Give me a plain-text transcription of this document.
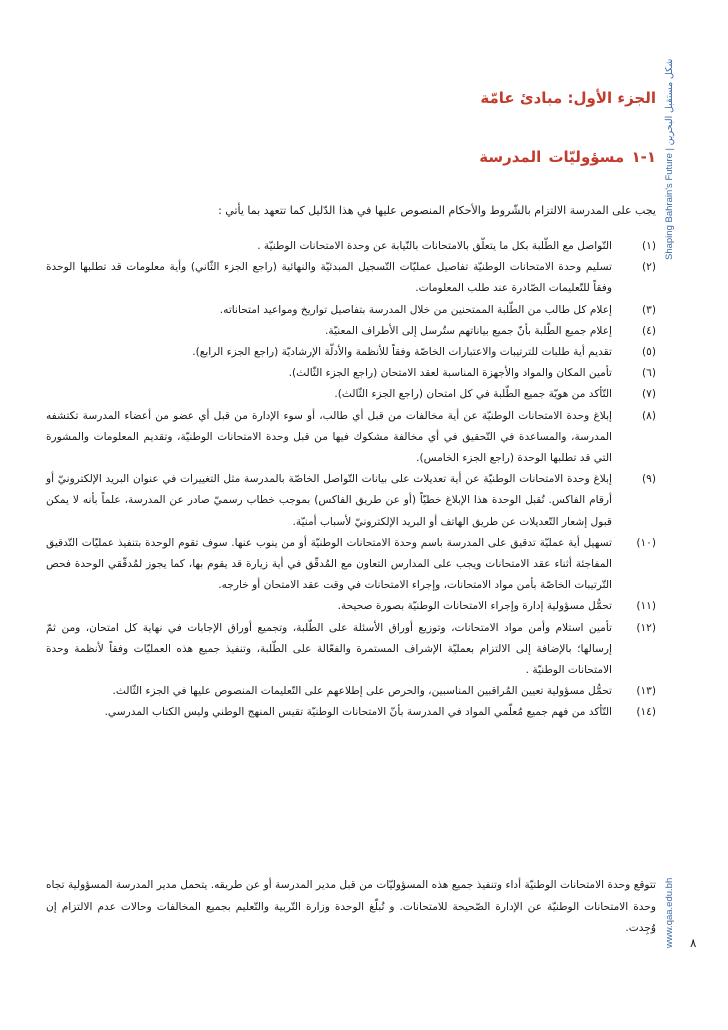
Shaping Bahrain's Future | شكل مستقبل البحرين
www.qaa.edu.bh
الجزء الأول: مبادئ عامّة
١-١ مسؤوليّات المدرسة

يجب على المدرسة الالتزام بالشّروط والأحكام المنصوص عليها في هذا الدّليل كما تتعهد بما يأتي :

(١)
التّواصل مع الطّلبة بكل ما يتعلّق بالامتحانات بالنّيابة عن وحدة الامتحانات الوطنيّة .
(٢)
تسليم وحدة الامتحانات الوطنيّة تفاصيل عمليّات التّسجيل المبدئيّة والنهائية (راجع الجزء الثّاني) وأية معلومات قد تطلبها الوحدة وفقاً للتّعليمات الصّادرة عند طلب المعلومات.
(٣)
إعلام كل طالب من الطّلبة الممتحنين من خلال المدرسة بتفاصيل تواريخ ومواعيد امتحاناته.
(٤)
إعلام جميع الطّلبة بأنّ جميع بياناتهم ستُرسل إلى الأطراف المعنيّة.
(٥)
تقديم أية طلبات للترتيبات والاعتبارات الخاصّة وفقاً للأنظمة والأدلّة الإرشاديّة (راجع الجزء الرابع).
(٦)
تأمين المكان والمواد والأجهزة المناسبة لعقد الامتحان (راجع الجزء الثّالث).
(٧)
التّأكد من هويّة جميع الطّلبة في كل امتحان (راجع الجزء الثّالث).
(٨)
إبلاغ وحدة الامتحانات الوطنيّة عن أية مخالفات من قبل أي طالب، أو سوء الإدارة من قبل أي عضو من أعضاء المدرسة تكتشفه المدرسة، والمساعدة في التّحقيق في أي مخالفة مشكوك فيها من قبل وحدة الامتحانات الوطنيّة، وتقديم المعلومات والمشورة التي قد تطلبها الوحدة (راجع الجزء الخامس).
(٩)
إبلاغ وحدة الامتحانات الوطنيّة عن أية تعديلات على بيانات التّواصل الخاصّة بالمدرسة مثل التغييرات في عنوان البريد الإلكترونيّ أو أرقام الفاكس. تُقبل الوحدة هذا الإبلاغ خطيّاً (أو عن طريق الفاكس) بموجب خطاب رسميّ صادر عن المدرسة، علماً بأنه لا يمكن قبول إشعار التّعديلات عن طريق الهاتف أو البريد الإلكترونيّ لأسباب أمنيّة.
(١٠)
تسهيل أية عمليّة تدقيق على المدرسة باسم وحدة الامتحانات الوطنيّة أو من ينوب عنها. سوف تقوم الوحدة بتنفيذ عمليّات التّدقيق المفاجئة أثناء عقد الامتحانات ويجب على المدارس التعاون مع المُدقّق في أية زيارة قد يقوم بها، كما يجوز لمُدقّقي الوحدة فحص التّرتيبات الخاصّة بأمن مواد الامتحانات، وإجراء الامتحانات في وقت عقد الامتحان أو خارجه.
(١١)
تحمُّل مسؤولية إدارة وإجراء الامتحانات الوطنيّة بصورة صحيحة.
(١٢)
تأمين استلام وأمن مواد الامتحانات، وتوزيع أوراق الأسئلة على الطّلبة، وتجميع أوراق الإجابات في نهاية كل امتحان، ومن ثمّ إرسالها؛ بالإضافة إلى الالتزام بعمليّة الإشراف المستمرة والفعّالة على الطّلبة، وتنفيذ جميع هذه العمليّات وفقاً لأنظمة وحدة الامتحانات الوطنيّة .
(١٣)
تحمُّل مسؤولية تعيين المُراقبين المناسبين، والحرص على إطلاعهم على التّعليمات المنصوص عليها في الجزء الثّالث.
(١٤)
التّأكد من فهم جميع مُعلّمي المواد في المدرسة بأنّ الامتحانات الوطنيّة تقيس المنهج الوطني وليس الكتاب المدرسي.

تتوقع وحدة الامتحانات الوطنيّة أداء وتنفيذ جميع هذه المسؤوليّات من قبل مدير المدرسة أو عن طريقه. يتحمل مدير المدرسة المسؤولية تجاه وحدة الامتحانات الوطنيّة عن الإدارة الصّحيحة للامتحانات. و تُبلّغ الوحدة وزارة التّربية والتّعليم بجميع المخالفات وحالات عدم الالتزام إن وُجِدت.

٨
